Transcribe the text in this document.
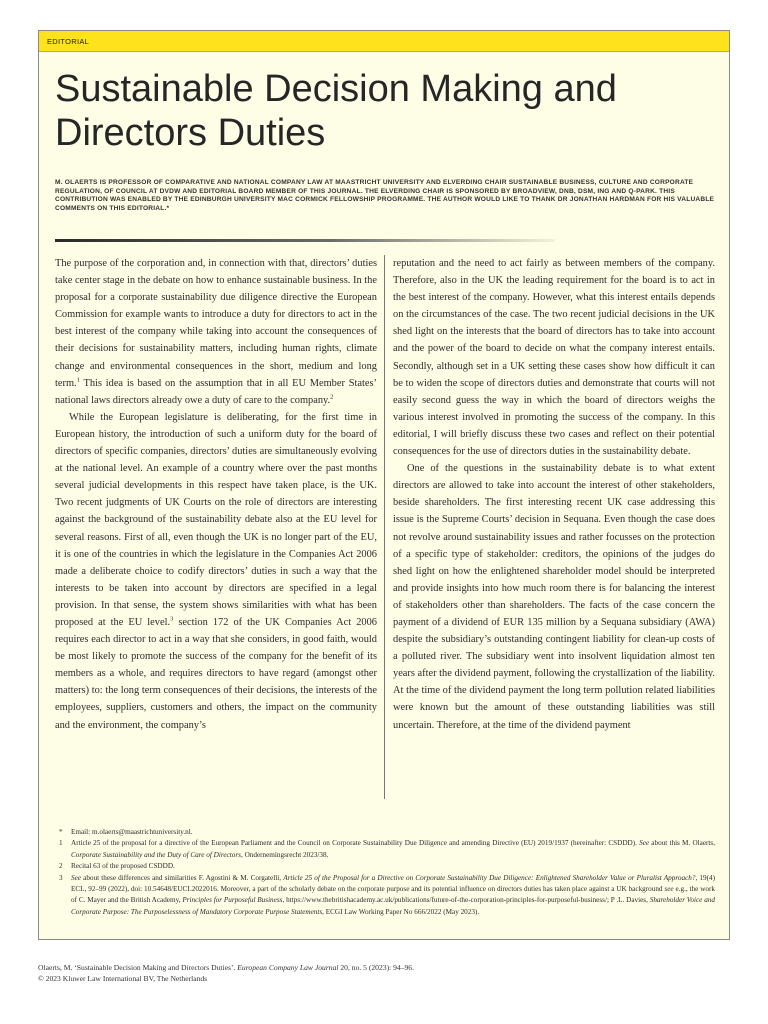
EDITORIAL
Sustainable Decision Making and Directors Duties
M. OLAERTS IS PROFESSOR OF COMPARATIVE AND NATIONAL COMPANY LAW AT MAASTRICHT UNIVERSITY AND ELVERDING CHAIR SUSTAINABLE BUSINESS, CULTURE AND CORPORATE REGULATION, OF COUNCIL AT DVDW AND EDITORIAL BOARD MEMBER OF THIS JOURNAL. THE ELVERDING CHAIR IS SPONSORED BY BROADVIEW, DNB, DSM, ING AND Q-PARK. THIS CONTRIBUTION WAS ENABLED BY THE EDINBURGH UNIVERSITY MAC CORMICK FELLOWSHIP PROGRAMME. THE AUTHOR WOULD LIKE TO THANK DR JONATHAN HARDMAN FOR HIS VALUABLE COMMENTS ON THIS EDITORIAL.*

The purpose of the corporation and, in connection with that, directors’ duties take center stage in the debate on how to enhance sustainable business. In the proposal for a corporate sustainability due diligence directive the European Commission for example wants to introduce a duty for directors to act in the best interest of the company while taking into account the consequences of their decisions for sustainability matters, including human rights, climate change and environmental consequences in the short, medium and long term.$^1$ This idea is based on the assumption that in all EU Member States’ national laws directors already owe a duty of care to the company.$^2$

While the European legislature is deliberating, for the first time in European history, the introduction of such a uniform duty for the board of directors of specific companies, directors’ duties are simultaneously evolving at the national level. An example of a country where over the past months several judicial developments in this respect have taken place, is the UK. Two recent judgments of UK Courts on the role of directors are interesting against the background of the sustainability debate also at the EU level for several reasons. First of all, even though the UK is no longer part of the EU, it is one of the countries in which the legislature in the Companies Act 2006 made a deliberate choice to codify directors’ duties in such a way that the interests to be taken into account by directors are specified in a legal provision. In that sense, the system shows similarities with what has been proposed at the EU level.$^3$ section 172 of the UK Companies Act 2006 requires each director to act in a way that she considers, in good faith, would be most likely to promote the success of the company for the benefit of its members as a whole, and requires directors to have regard (amongst other matters) to: the long term consequences of their decisions, the interests of the employees, suppliers, customers and others, the impact on the community and the environment, the company’s

reputation and the need to act fairly as between members of the company. Therefore, also in the UK the leading requirement for the board is to act in the best interest of the company. However, what this interest entails depends on the circumstances of the case. The two recent judicial decisions in the UK shed light on the interests that the board of directors has to take into account and the power of the board to decide on what the company interest entails. Secondly, although set in a UK setting these cases show how difficult it can be to widen the scope of directors duties and demonstrate that courts will not easily second guess the way in which the board of directors weighs the various interest involved in promoting the success of the company. In this editorial, I will briefly discuss these two cases and reflect on their potential consequences for the use of directors duties in the sustainability debate.

One of the questions in the sustainability debate is to what extent directors are allowed to take into account the interest of other stakeholders, beside shareholders. The first interesting recent UK case addressing this issue is the Supreme Courts’ decision in Sequana. Even though the case does not revolve around sustainability issues and rather focusses on the protection of a specific type of stakeholder: creditors, the opinions of the judges do shed light on how the enlightened shareholder model should be interpreted and provide insights into how much room there is for balancing the interest of stakeholders other than shareholders. The facts of the case concern the payment of a dividend of EUR 135 million by a Sequana subsidiary (AWA) despite the subsidiary’s outstanding contingent liability for clean-up costs of a polluted river. The subsidiary went into insolvent liquidation almost ten years after the dividend payment, following the crystallization of the liability. At the time of the dividend payment the long term pollution related liabilities were known but the amount of these outstanding liabilities was still uncertain. Therefore, at the time of the dividend payment

* Email: m.olaerts@maastrichtuniversity.nl.
1 Article 25 of the proposal for a directive of the European Parliament and the Council on Corporate Sustainability Due Diligence and amending Directive (EU) 2019/1937 (hereinafter: CSDDD). See about this M. Olaerts, Corporate Sustainability and the Duty of Care of Directors, Ondernemingsrecht 2023/38.
2 Recital 63 of the proposed CSDDD.
3 See about these differences and similarities F. Agostini & M. Corgatelli, Article 25 of the Proposal for a Directive on Corporate Sustainability Due Diligence: Enlightened Shareholder Value or Pluralist Approach?, 19(4) ECL, 92–99 (2022), doi: 10.54648/EUCL2022016. Moreover, a part of the scholarly debate on the corporate purpose and its potential influence on directors duties has taken place against a UK background see e.g., the work of C. Mayer and the British Academy, Principles for Purposeful Business, https://www.thebritishacademy.ac.uk/publications/future-of-the-corporation-principles-for-purposeful-business/; P .L. Davies, Shareholder Voice and Corporate Purpose: The Purposelessness of Mandatory Corporate Purpose Statements, ECGI Law Working Paper No 666/2022 (May 2023).
Olaerts, M. ‘Sustainable Decision Making and Directors Duties’. European Company Law Journal 20, no. 5 (2023): 94–96.
© 2023 Kluwer Law International BV, The Netherlands
